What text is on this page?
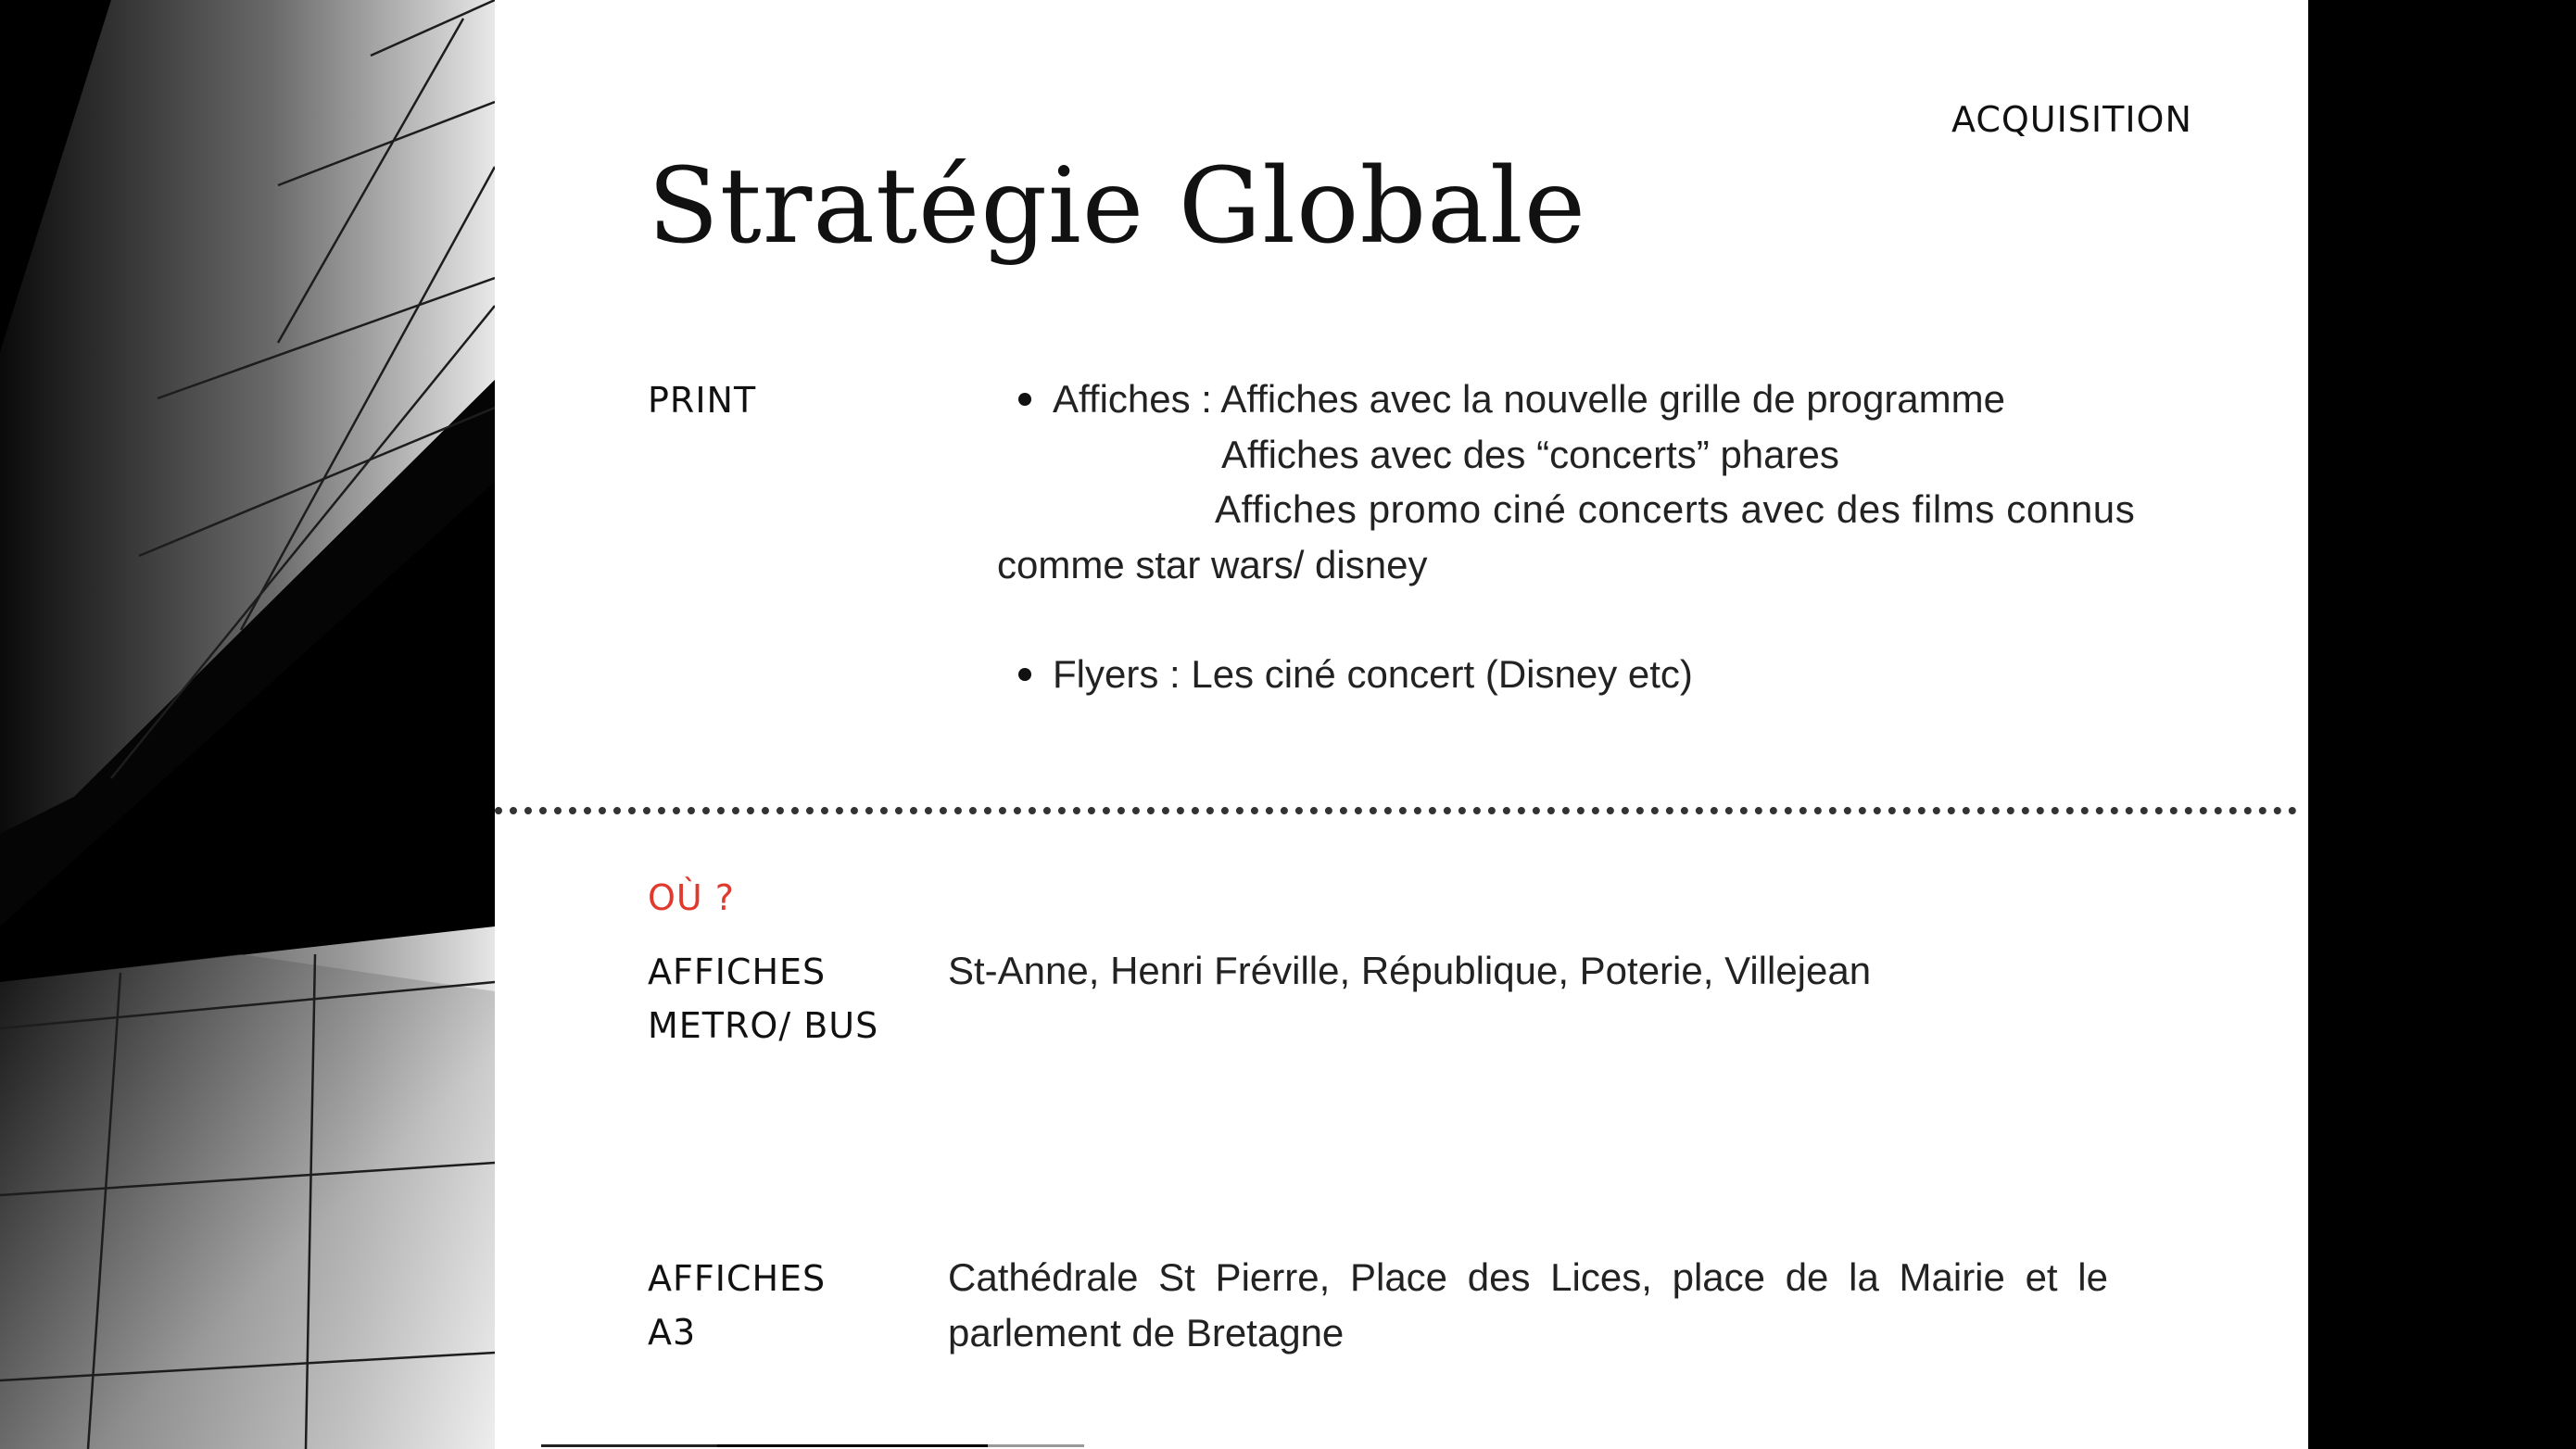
ACQUISITION
Stratégie Globale
PRINT	Affiches : Affiches avec la nouvelle grille de programme
Affiches avec des “concerts” phares
Affiches promo ciné concerts avec des films connus
comme star wars/ disney
Flyers : Les ciné concert (Disney etc)
OÙ ?
AFFICHES
METRO/ BUS
St-Anne, Henri Fréville, République, Poterie, Villejean
AFFICHES
A3
Cathédrale St Pierre, Place des Lices, place de la Mairie et le parlement de Bretagne
